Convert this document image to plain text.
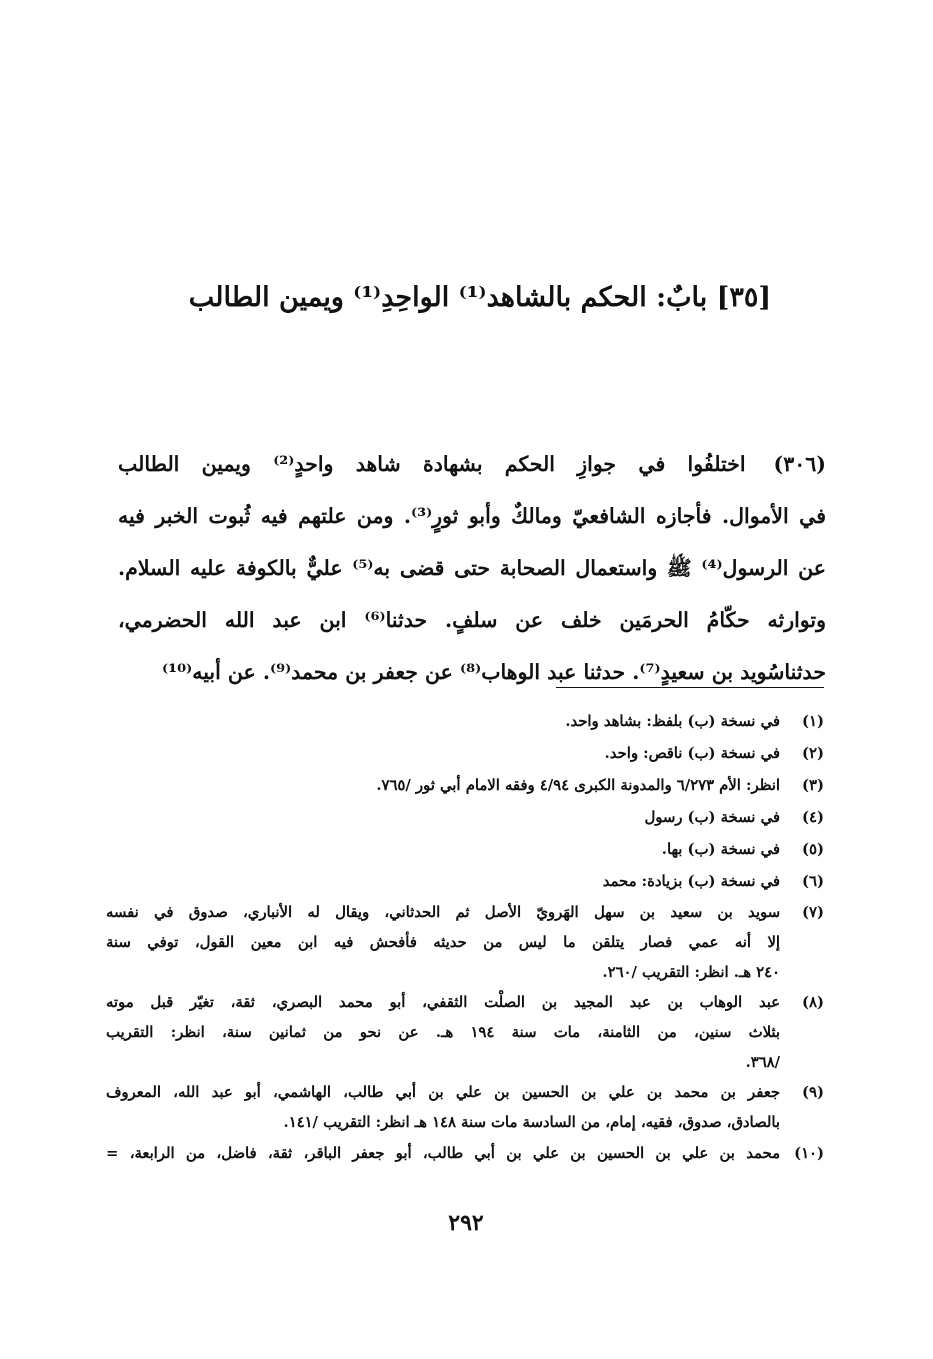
[٣٥] بابٌ: الحكم بالشاهد⁽¹⁾ الواحِدِ⁽¹⁾ ويمين الطالب
(٣٠٦)اختلفُوا في جوازِ الحكم بشهادة شاهد واحدٍ⁽²⁾ ويمين الطالب
في الأموال. فأجازه الشافعيّ ومالكٌ وأبو ثورٍ⁽³⁾. ومن علتهم فيه ثُبوت الخبر فيه
عن الرسول⁽⁴⁾ ﷺ واستعمال الصحابة حتى قضى به⁽⁵⁾ عليٌّ بالكوفة عليه السلام.
وتوارثه حكّامُ الحرمَين خلف عن سلفٍ. حدثنا⁽⁶⁾ ابن عبد الله الحضرمي،
حدثناسُويد بن سعيدٍ⁽⁷⁾. حدثنا عبد الوهاب⁽⁸⁾ عن جعفر بن محمد⁽⁹⁾. عن أبيه⁽¹⁰⁾
(١)
في نسخة (ب) بلفظ: بشاهد واحد.
(٢)
في نسخة (ب) ناقص: واحد.
(٣)
انظر: الأم ٦/٢٧٣ والمدونة الكبرى ٤/٩٤ وفقه الامام أبي ثور /٧٦٥.
(٤)
في نسخة (ب) رسول
(٥)
في نسخة (ب) بها.
(٦)
في نسخة (ب) بزيادة: محمد
(٧)
سويد بن سعيد بن سهل الهَرويّ الأصل ثم الحدثاني، ويقال له الأنباري، صدوق في نفسه
إلا أنه عمي فصار يتلقن ما ليس من حديثه فأفحش فيه ابن معين القول، توفي سنة
٢٤٠ هـ. انظر: التقريب /٢٦٠.
(٨)
عبد الوهاب بن عبد المجيد بن الصلْت الثقفي، أبو محمد البصري، ثقة، تغيّر قبل موته
بثلاث سنين، من الثامنة، مات سنة ١٩٤ هـ. عن نحو من ثمانين سنة، انظر: التقريب
/٣٦٨.
(٩)
جعفر بن محمد بن علي بن الحسين بن علي بن أبي طالب، الهاشمي، أبو عبد الله، المعروف
بالصادق، صدوق، فقيه، إمام، من السادسة مات سنة ١٤٨ هـ انظر: التقريب /١٤١.
(١٠)
محمد بن علي بن الحسين بن علي بن أبي طالب، أبو جعفر الباقر، ثقة، فاضل، من الرابعة، =
٢٩٢
